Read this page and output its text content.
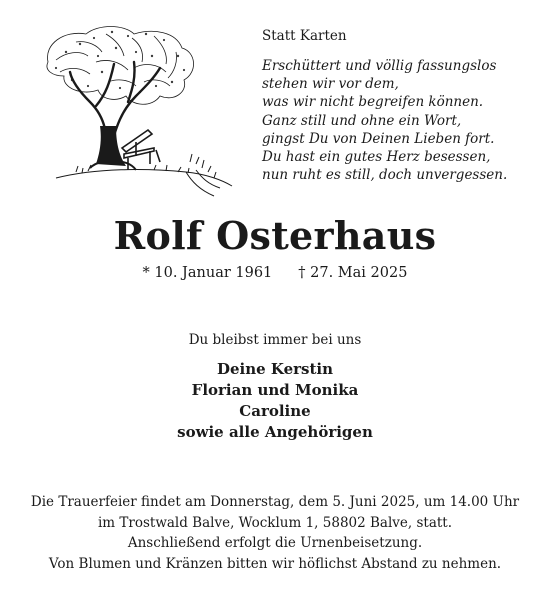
Statt Karten
Erschüttert und völlig fassungslos
stehen wir vor dem,
was wir nicht begreifen können.
Ganz still und ohne ein Wort,
gingst Du von Deinen Lieben fort.
Du hast ein gutes Herz besessen,
nun ruht es still, doch unvergessen.
Rolf Osterhaus
* 10. Januar 1961 † 27. Mai 2025
Du bleibst immer bei uns
Deine Kerstin
Florian und Monika
Caroline
sowie alle Angehörigen
Die Trauerfeier findet am Donnerstag, dem 5. Juni 2025, um 14.00 Uhr
im Trostwald Balve, Wocklum 1, 58802 Balve, statt.
Anschließend erfolgt die Urnenbeisetzung.
Von Blumen und Kränzen bitten wir höflichst Abstand zu nehmen.
